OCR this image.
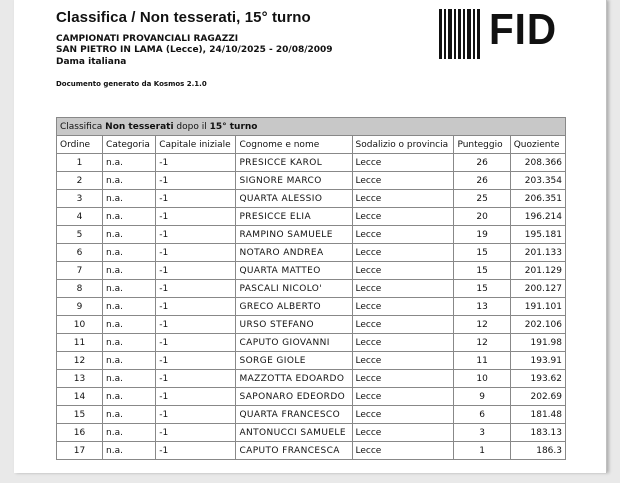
Classifica / Non tesserati, 15° turno
CAMPIONATI PROVANCIALI RAGAZZI
SAN PIETRO IN LAMA (Lecce), 24/10/2025 - 20/08/2009
Dama italiana
Documento generato da Kosmos 2.1.0
FID
Classifica Non tesserati dopo il 15° turno						
Ordine	Categoria	Capitale iniziale	Cognome e nome	Sodalizio o provincia	Punteggio	Quoziente
1	n.a.	-1	PRESICCE KAROL	Lecce	26	208.366
2	n.a.	-1	SIGNORE MARCO	Lecce	26	203.354
3	n.a.	-1	QUARTA ALESSIO	Lecce	25	206.351
4	n.a.	-1	PRESICCE ELIA	Lecce	20	196.214
5	n.a.	-1	RAMPINO SAMUELE	Lecce	19	195.181
6	n.a.	-1	NOTARO ANDREA	Lecce	15	201.133
7	n.a.	-1	QUARTA MATTEO	Lecce	15	201.129
8	n.a.	-1	PASCALI NICOLO'	Lecce	15	200.127
9	n.a.	-1	GRECO ALBERTO	Lecce	13	191.101
10	n.a.	-1	URSO STEFANO	Lecce	12	202.106
11	n.a.	-1	CAPUTO GIOVANNI	Lecce	12	191.98
12	n.a.	-1	SORGE GIOLE	Lecce	11	193.91
13	n.a.	-1	MAZZOTTA EDOARDO	Lecce	10	193.62
14	n.a.	-1	SAPONARO EDEORDO	Lecce	9	202.69
15	n.a.	-1	QUARTA FRANCESCO	Lecce	6	181.48
16	n.a.	-1	ANTONUCCI SAMUELE	Lecce	3	183.13
17	n.a.	-1	CAPUTO FRANCESCA	Lecce	1	186.3
